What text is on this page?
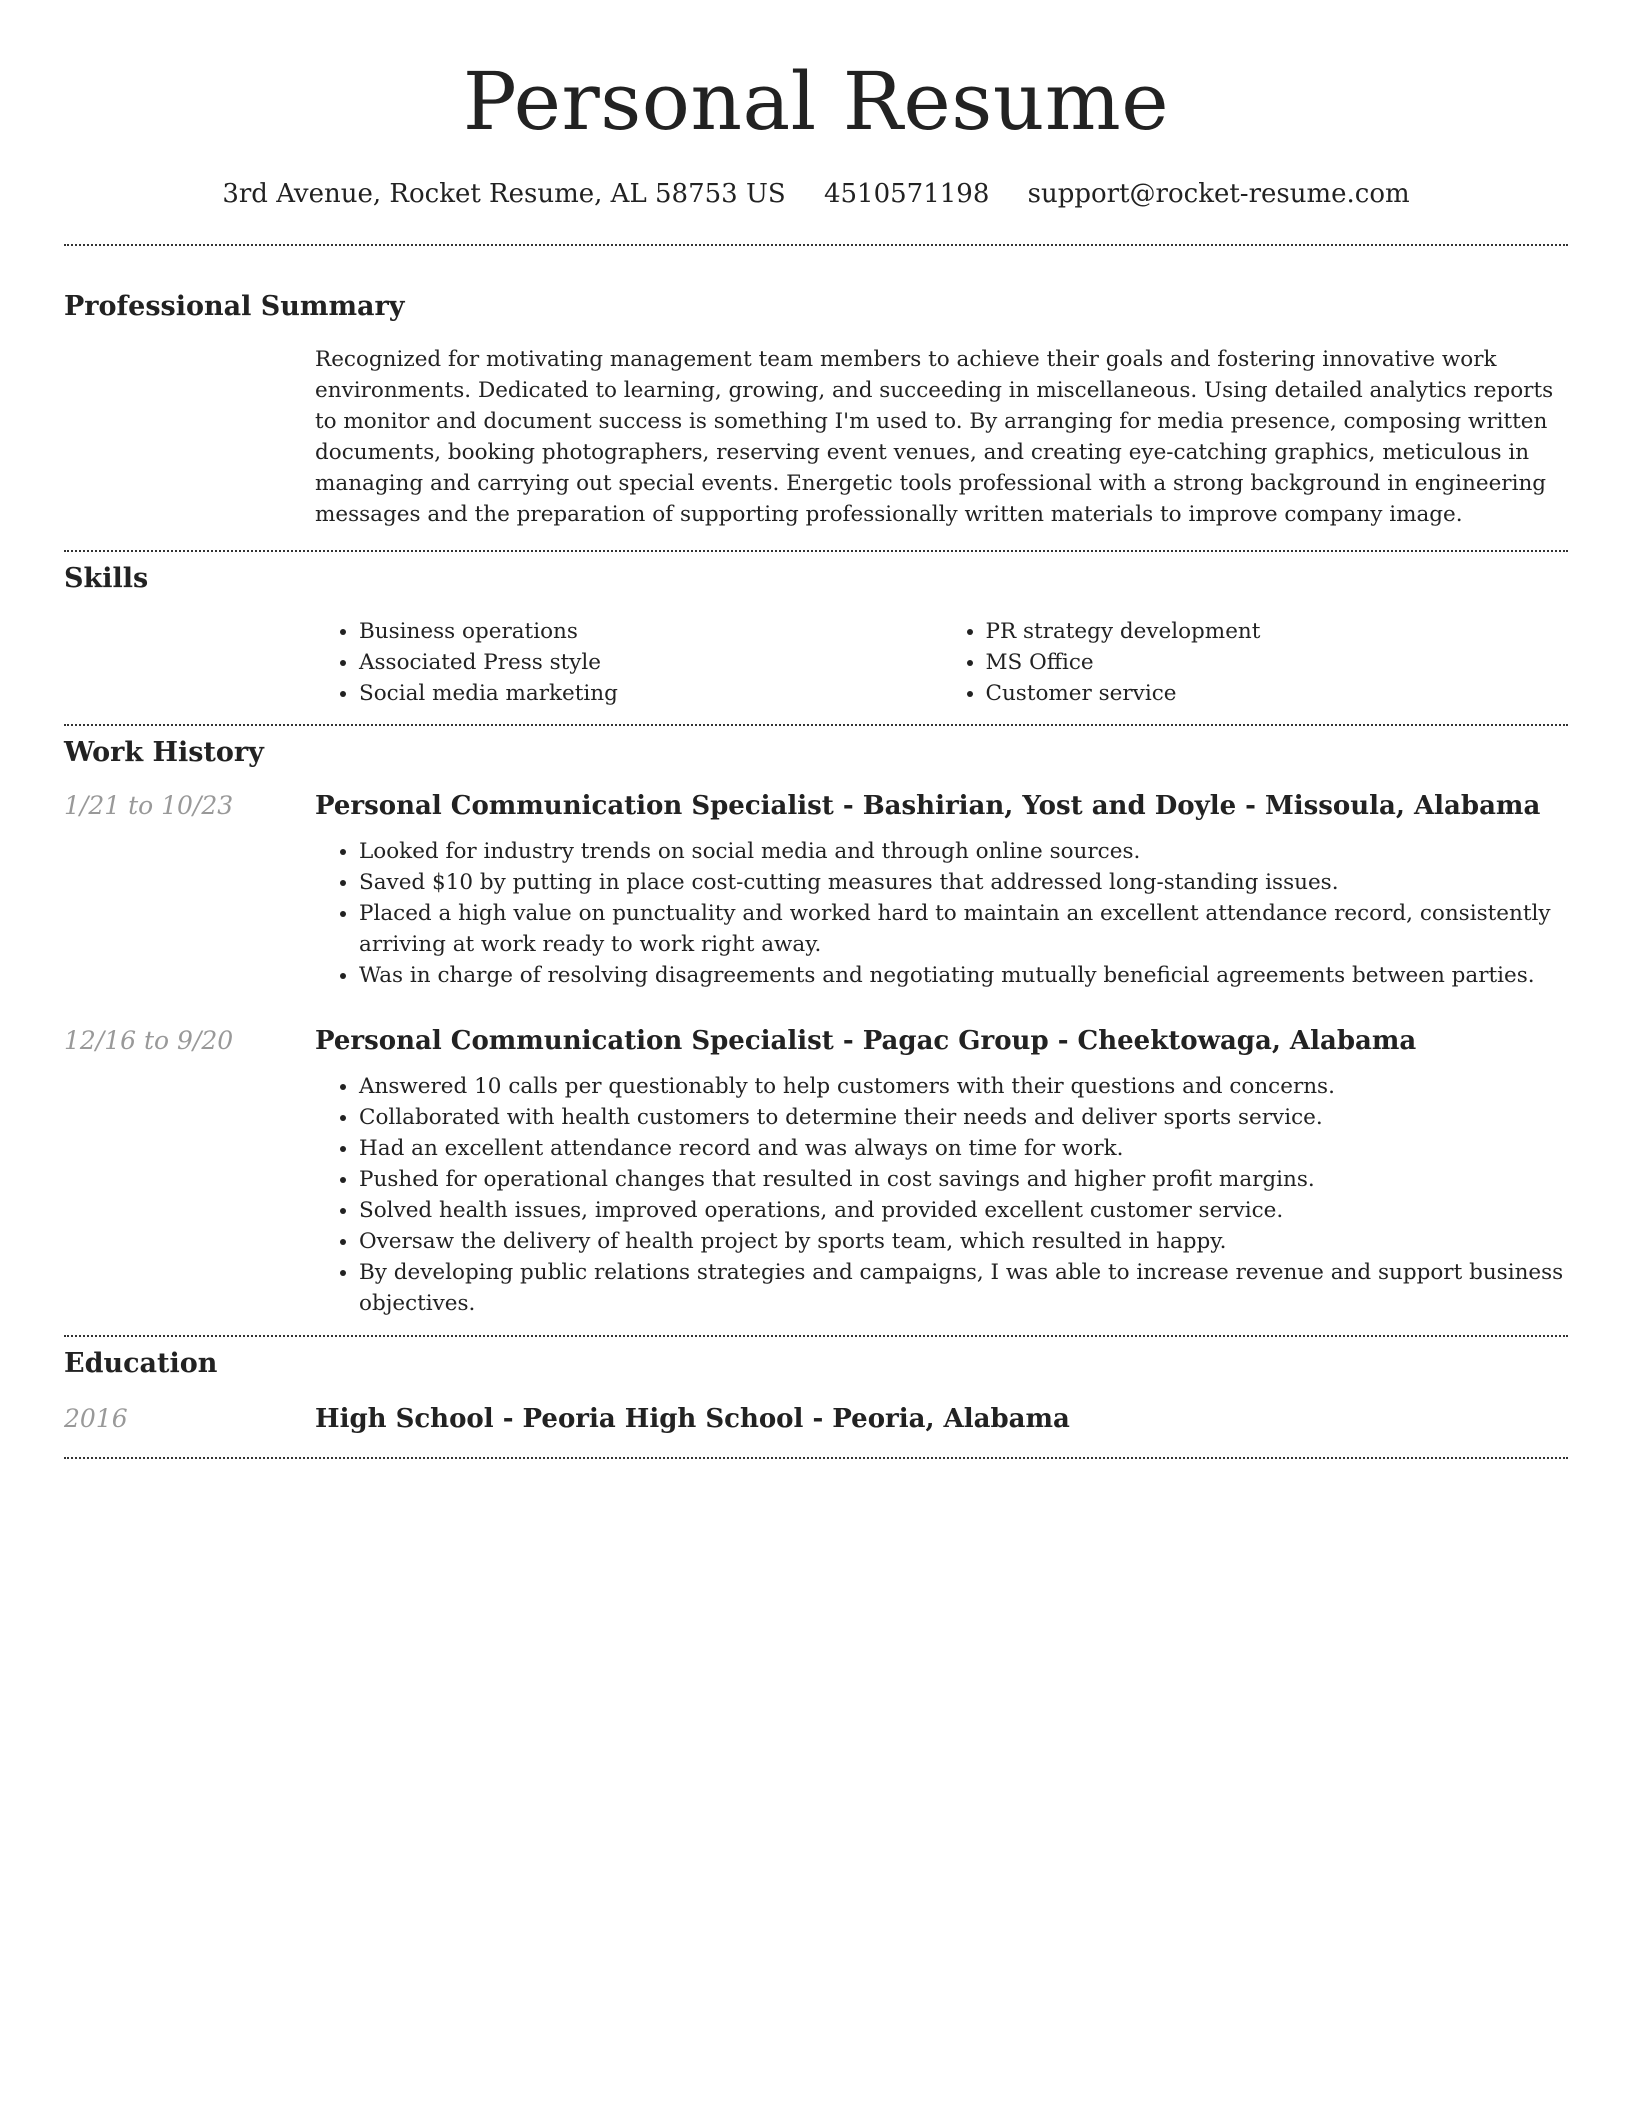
Personal Resume
3rd Avenue, Rocket Resume, AL 58753 US 4510571198 support@rocket-resume.com
Professional Summary

Recognized for motivating management team members to achieve their goals and fostering innovative work environments. Dedicated to learning, growing, and succeeding in miscellaneous. Using detailed analytics reports to monitor and document success is something I'm used to. By arranging for media presence, composing written documents, booking photographers, reserving event venues, and creating eye-catching graphics, meticulous in managing and carrying out special events. Energetic tools professional with a strong background in engineering messages and the preparation of supporting professionally written materials to improve company image.

Skills
• Business operations
• Associated Press style
• Social media marketing
• PR strategy development
• MS Office
• Customer service
Work History
1/21 to 10/23	Personal Communication Specialist - Bashirian, Yost and Doyle - Missoula, Alabama
• Looked for industry trends on social media and through online sources.
• Saved $10 by putting in place cost-cutting measures that addressed long-standing issues.
• Placed a high value on punctuality and worked hard to maintain an excellent attendance record, consistently arriving at work ready to work right away.
• Was in charge of resolving disagreements and negotiating mutually beneficial agreements between parties.
12/16 to 9/20	Personal Communication Specialist - Pagac Group - Cheektowaga, Alabama
• Answered 10 calls per questionably to help customers with their questions and concerns.
• Collaborated with health customers to determine their needs and deliver sports service.
• Had an excellent attendance record and was always on time for work.
• Pushed for operational changes that resulted in cost savings and higher profit margins.
• Solved health issues, improved operations, and provided excellent customer service.
• Oversaw the delivery of health project by sports team, which resulted in happy.
• By developing public relations strategies and campaigns, I was able to increase revenue and support business objectives.
Education
2016	High School - Peoria High School - Peoria, Alabama
